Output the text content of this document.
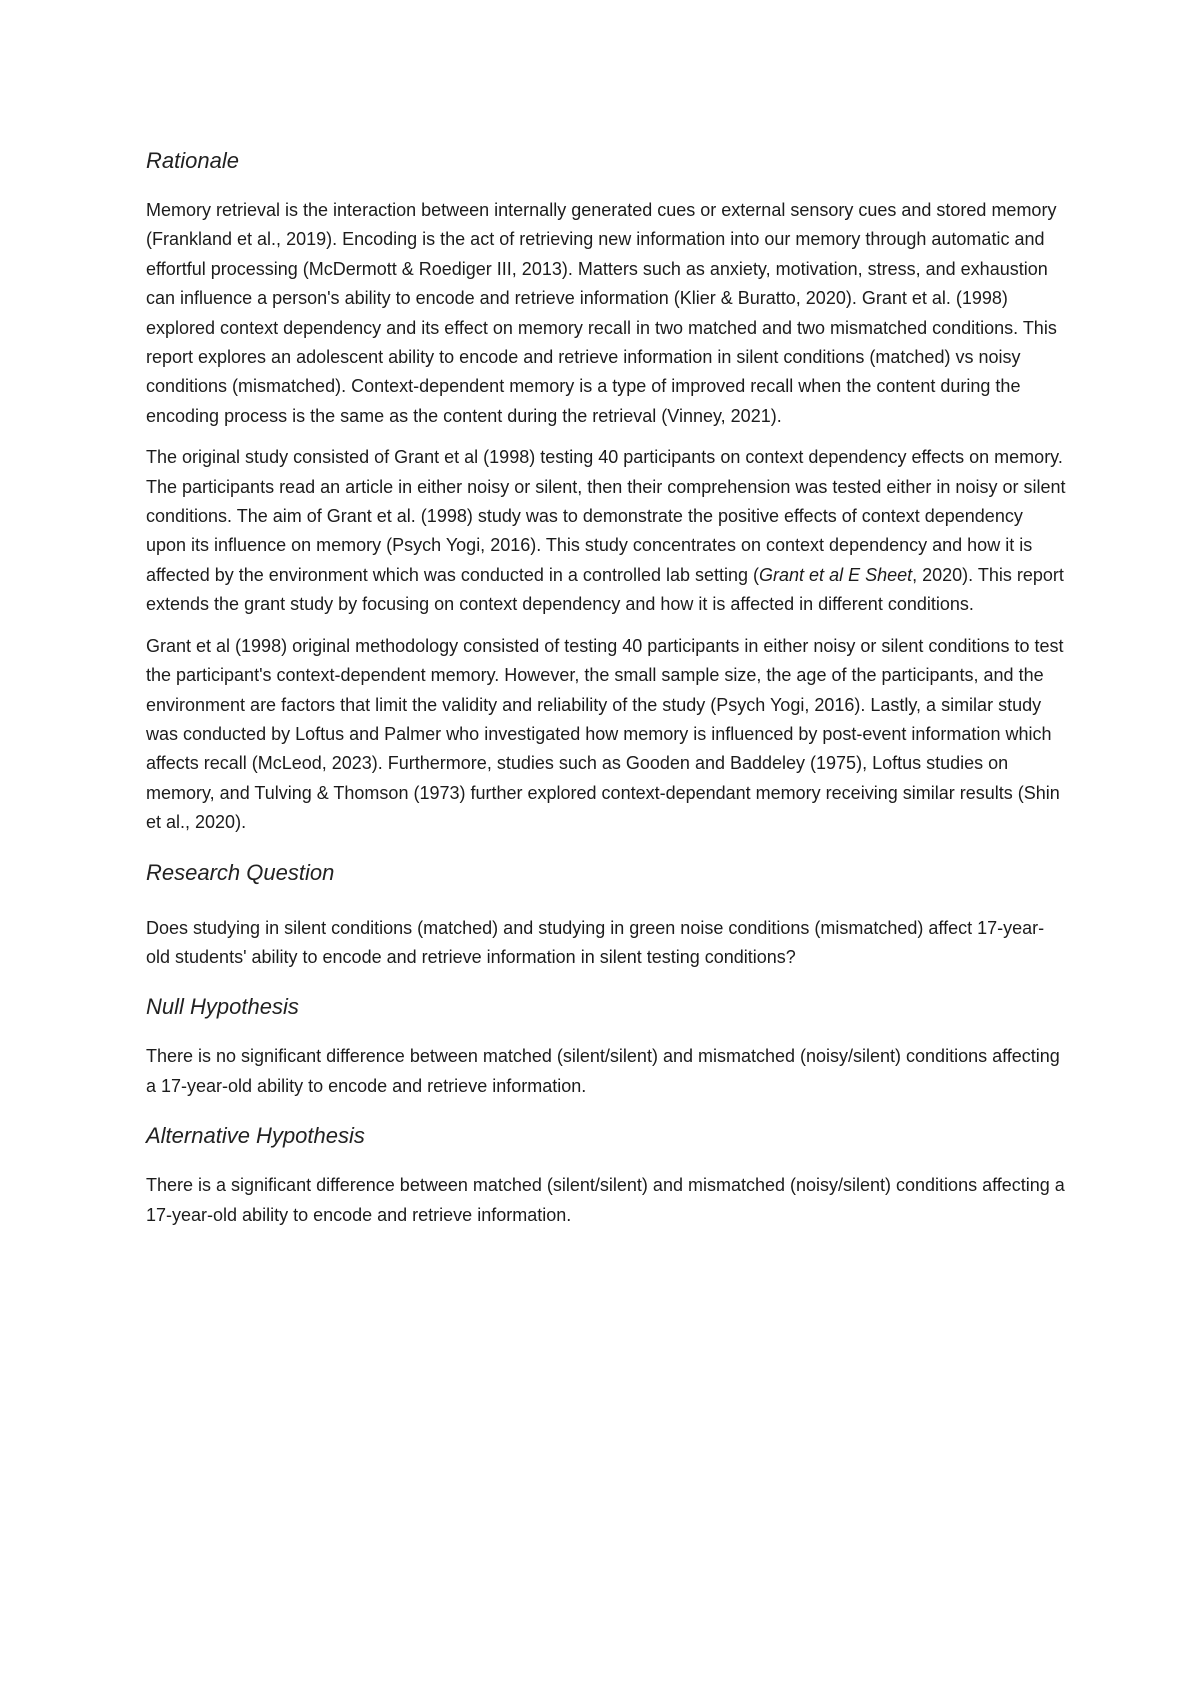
Rationale

Memory retrieval is the interaction between internally generated cues or external sensory cues and stored memory (Frankland et al., 2019). Encoding is the act of retrieving new information into our memory through automatic and effortful processing (McDermott & Roediger III, 2013). Matters such as anxiety, motivation, stress, and exhaustion can influence a person's ability to encode and retrieve information (Klier & Buratto, 2020). Grant et al. (1998) explored context dependency and its effect on memory recall in two matched and two mismatched conditions. This report explores an adolescent ability to encode and retrieve information in silent conditions (matched) vs noisy conditions (mismatched). Context-dependent memory is a type of improved recall when the content during the encoding process is the same as the content during the retrieval (Vinney, 2021).

The original study consisted of Grant et al (1998) testing 40 participants on context dependency effects on memory. The participants read an article in either noisy or silent, then their comprehension was tested either in noisy or silent conditions. The aim of Grant et al. (1998) study was to demonstrate the positive effects of context dependency upon its influence on memory (Psych Yogi, 2016). This study concentrates on context dependency and how it is affected by the environment which was conducted in a controlled lab setting (Grant et al E Sheet, 2020). This report extends the grant study by focusing on context dependency and how it is affected in different conditions.

Grant et al (1998) original methodology consisted of testing 40 participants in either noisy or silent conditions to test the participant's context-dependent memory. However, the small sample size, the age of the participants, and the environment are factors that limit the validity and reliability of the study (Psych Yogi, 2016). Lastly, a similar study was conducted by Loftus and Palmer who investigated how memory is influenced by post-event information which affects recall (McLeod, 2023). Furthermore, studies such as Gooden and Baddeley (1975), Loftus studies on memory, and Tulving & Thomson (1973) further explored context-dependant memory receiving similar results (Shin et al., 2020).

Research Question

Does studying in silent conditions (matched) and studying in green noise conditions (mismatched) affect 17-year-old students' ability to encode and retrieve information in silent testing conditions?

Null Hypothesis

There is no significant difference between matched (silent/silent) and mismatched (noisy/silent) conditions affecting a 17-year-old ability to encode and retrieve information.

Alternative Hypothesis

There is a significant difference between matched (silent/silent) and mismatched (noisy/silent) conditions affecting a 17-year-old ability to encode and retrieve information.
